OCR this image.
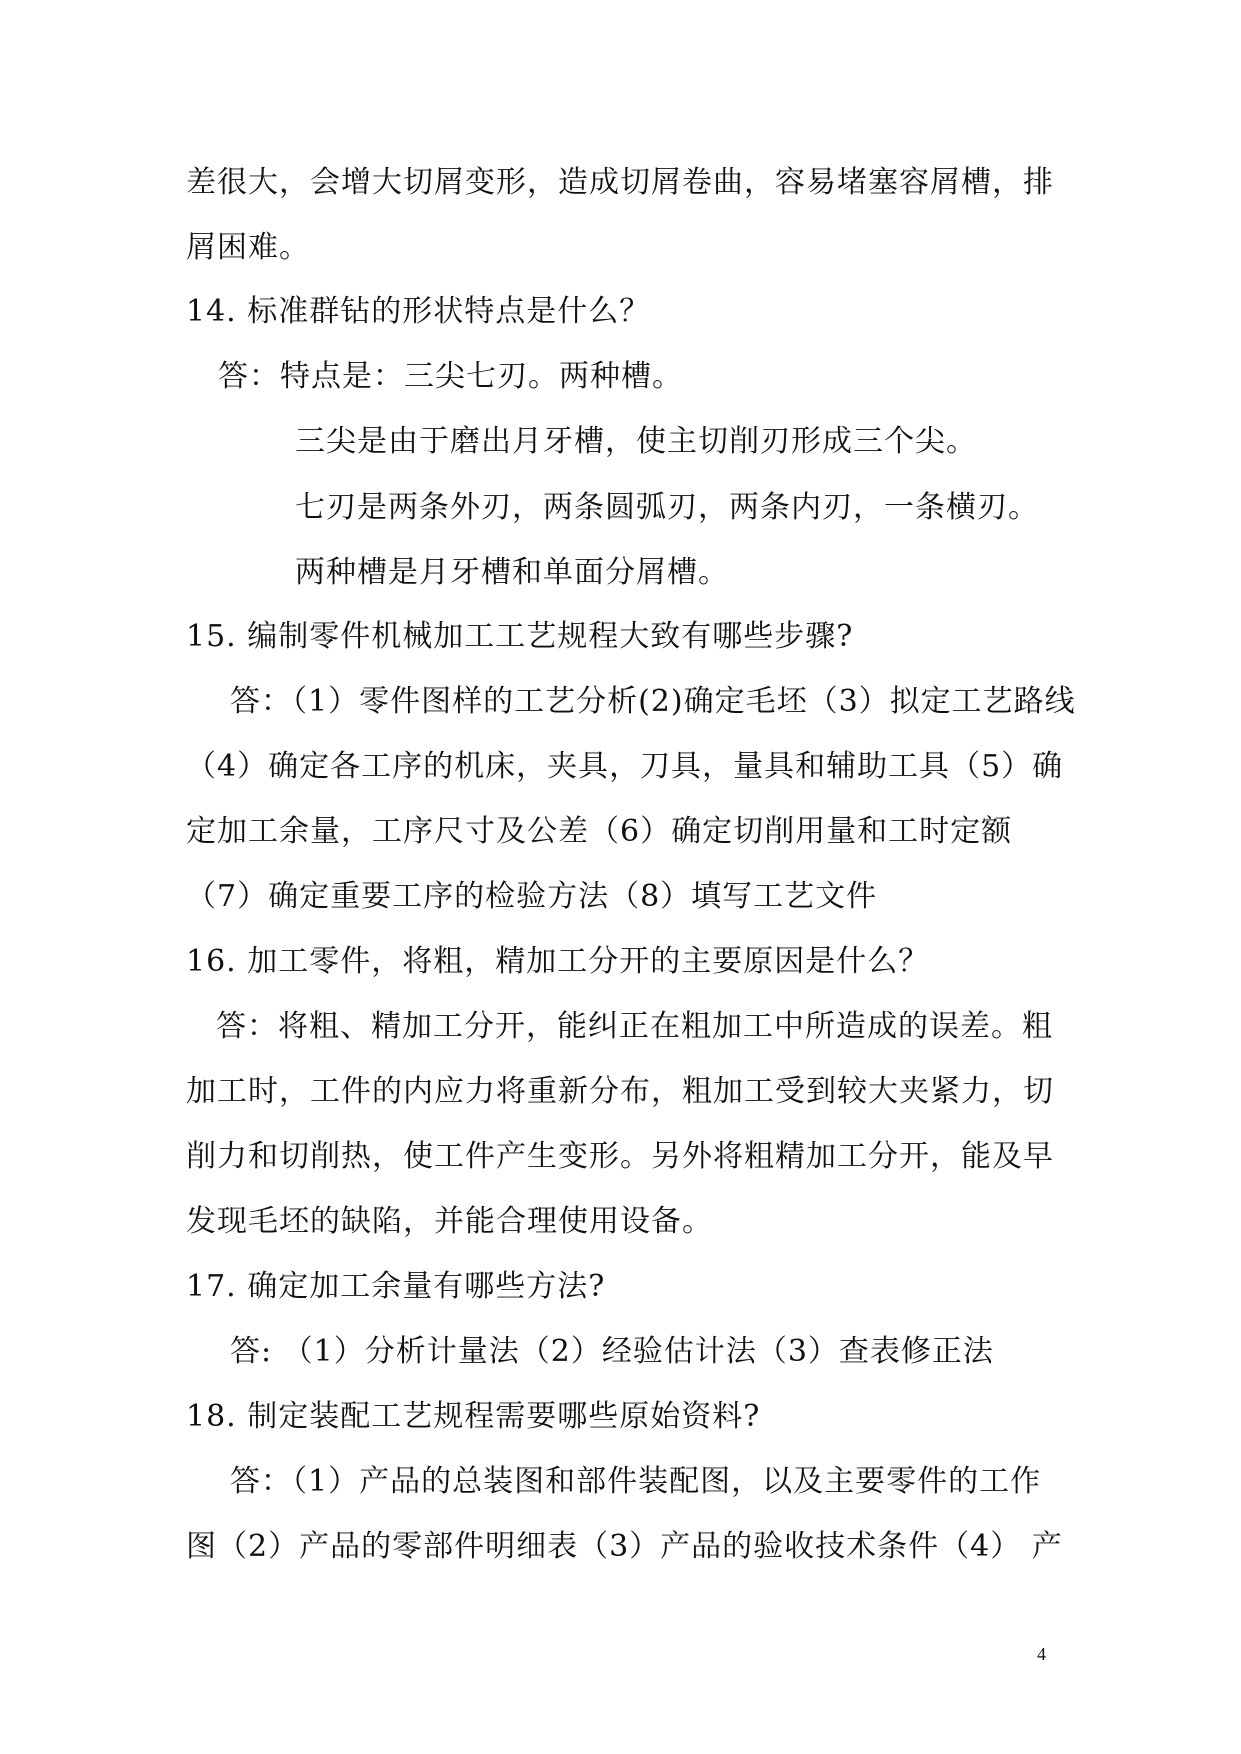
差很大，会增大切屑变形，造成切屑卷曲，容易堵塞容屑槽，排
屑困难。
14. 标准群钻的形状特点是什么？
答：特点是：三尖七刃。两种槽。
三尖是由于磨出月牙槽，使主切削刃形成三个尖。
七刃是两条外刃，两条圆弧刃，两条内刃，一条横刃。
两种槽是月牙槽和单面分屑槽。
15. 编制零件机械加工工艺规程大致有哪些步骤?
答：（1）零件图样的工艺分析(2)确定毛坯（3）拟定工艺路线
（4）确定各工序的机床，夹具，刀具，量具和辅助工具（5）确
定加工余量，工序尺寸及公差（6）确定切削用量和工时定额
（7）确定重要工序的检验方法（8）填写工艺文件
16. 加工零件，将粗，精加工分开的主要原因是什么？
答：将粗、精加工分开，能纠正在粗加工中所造成的误差。粗
加工时，工件的内应力将重新分布，粗加工受到较大夹紧力，切
削力和切削热，使工件产生变形。另外将粗精加工分开，能及早
发现毛坯的缺陷，并能合理使用设备。
17. 确定加工余量有哪些方法?
答: （1）分析计量法（2）经验估计法（3）查表修正法
18. 制定装配工艺规程需要哪些原始资料?
答：（1）产品的总装图和部件装配图，以及主要零件的工作
图（2）产品的零部件明细表（3）产品的验收技术条件（4） 产
4
